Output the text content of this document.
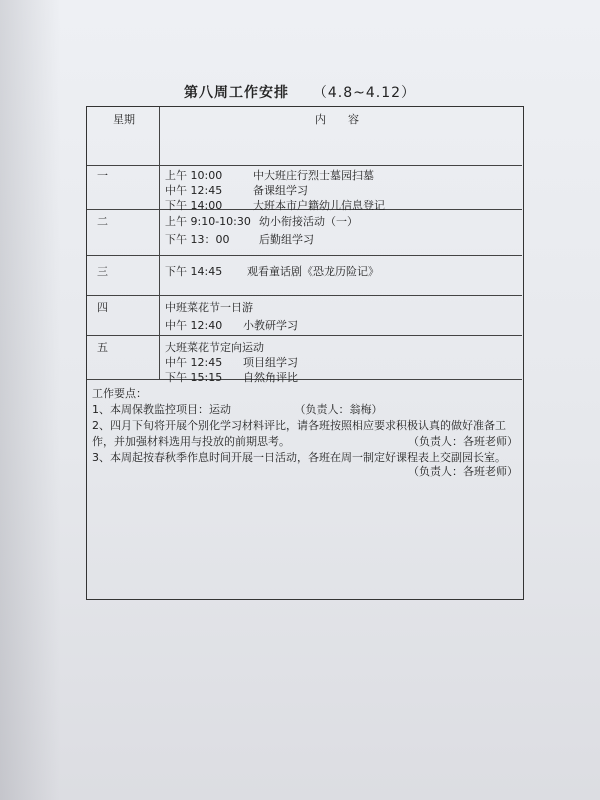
第八周工作安排 （4.8~4.12）
星期	内　　容
一	上午 10:00	中大班庄行烈士墓园扫墓
中午 12:45	备课组学习
下午 14:00	大班本市户籍幼儿信息登记
二	上午 9:10-10:30 幼小衔接活动（一）
下午 13：00	后勤组学习
三	下午 14:45 观看童话剧《恐龙历险记》
四	中班菜花节一日游
中午 12:40 小教研学习
五	大班菜花节定向运动
中午 12:45 项目组学习
下午 15:15 自然角评比

工作要点：

1、本周保教监控项目：运动	（负责人：翁梅）

2、四月下旬将开展个别化学习材料评比，请各班按照相应要求积极认真的做好准备工作，并加强材料选用与投放的前期思考。	（负责人：各班老师）

3、本周起按春秋季作息时间开展一日活动，各班在周一制定好课程表上交副园长室。

（负责人：各班老师）
